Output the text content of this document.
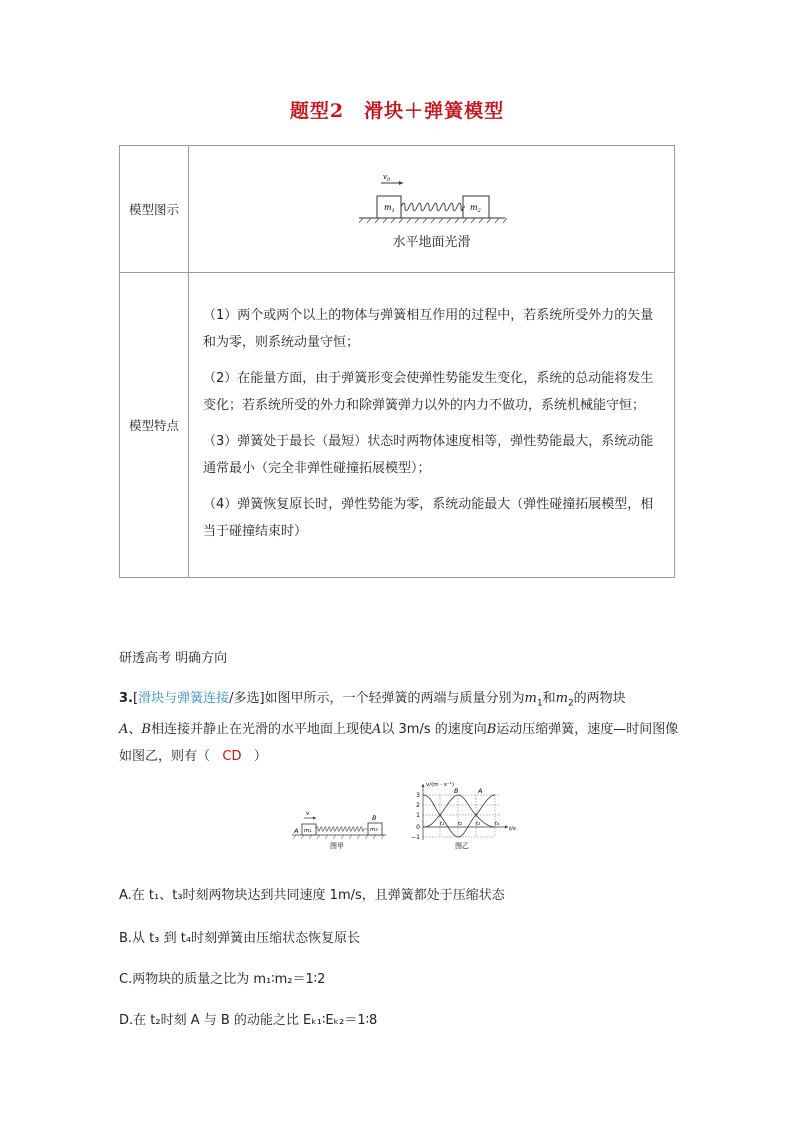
题型2　滑块＋弹簧模型
模型图示	$m_1$ $m_2$
$v_0$
水平地面光滑

模型特点	（1）两个或两个以上的物体与弹簧相互作用的过程中，若系统所受外力的矢量和为零，则系统动量守恒；

（2）在能量方面，由于弹簧形变会使弹性势能发生变化，系统的总动能将发生变化；若系统所受的外力和除弹簧弹力以外的内力不做功，系统机械能守恒；

（3）弹簧处于最长（最短）状态时两物体速度相等，弹性势能最大，系统动能通常最小（完全非弹性碰撞拓展模型）；

（4）弹簧恢复原长时，弹性势能为零，系统动能最大（弹性碰撞拓展模型，相当于碰撞结束时）

研透高考 明确方向
3.[滑块与弹簧连接/多选]如图甲所示，一个轻弹簧的两端与质量分别为$m_1$和$m_2$的两物块
A、B相连接并静止在光滑的水平地面上现使A以 3m/s 的速度向B运动压缩弹簧，速度—时间图像如图乙，则有（ CD ）
m₁	m₂
v
A
B
图甲
v/(m · s⁻¹)
t/s
3
2
1
0
−1
B	A
t₁ t₂ t₃	t₄
图乙
A.在 t₁、t₃时刻两物块达到共同速度 1m/s，且弹簧都处于压缩状态
B.从 t₃ 到 t₄时刻弹簧由压缩状态恢复原长
C.两物块的质量之比为 m₁∶m₂＝1∶2
D.在 t₂时刻 A 与 B 的动能之比 Eₖ₁∶Eₖ₂＝1∶8
